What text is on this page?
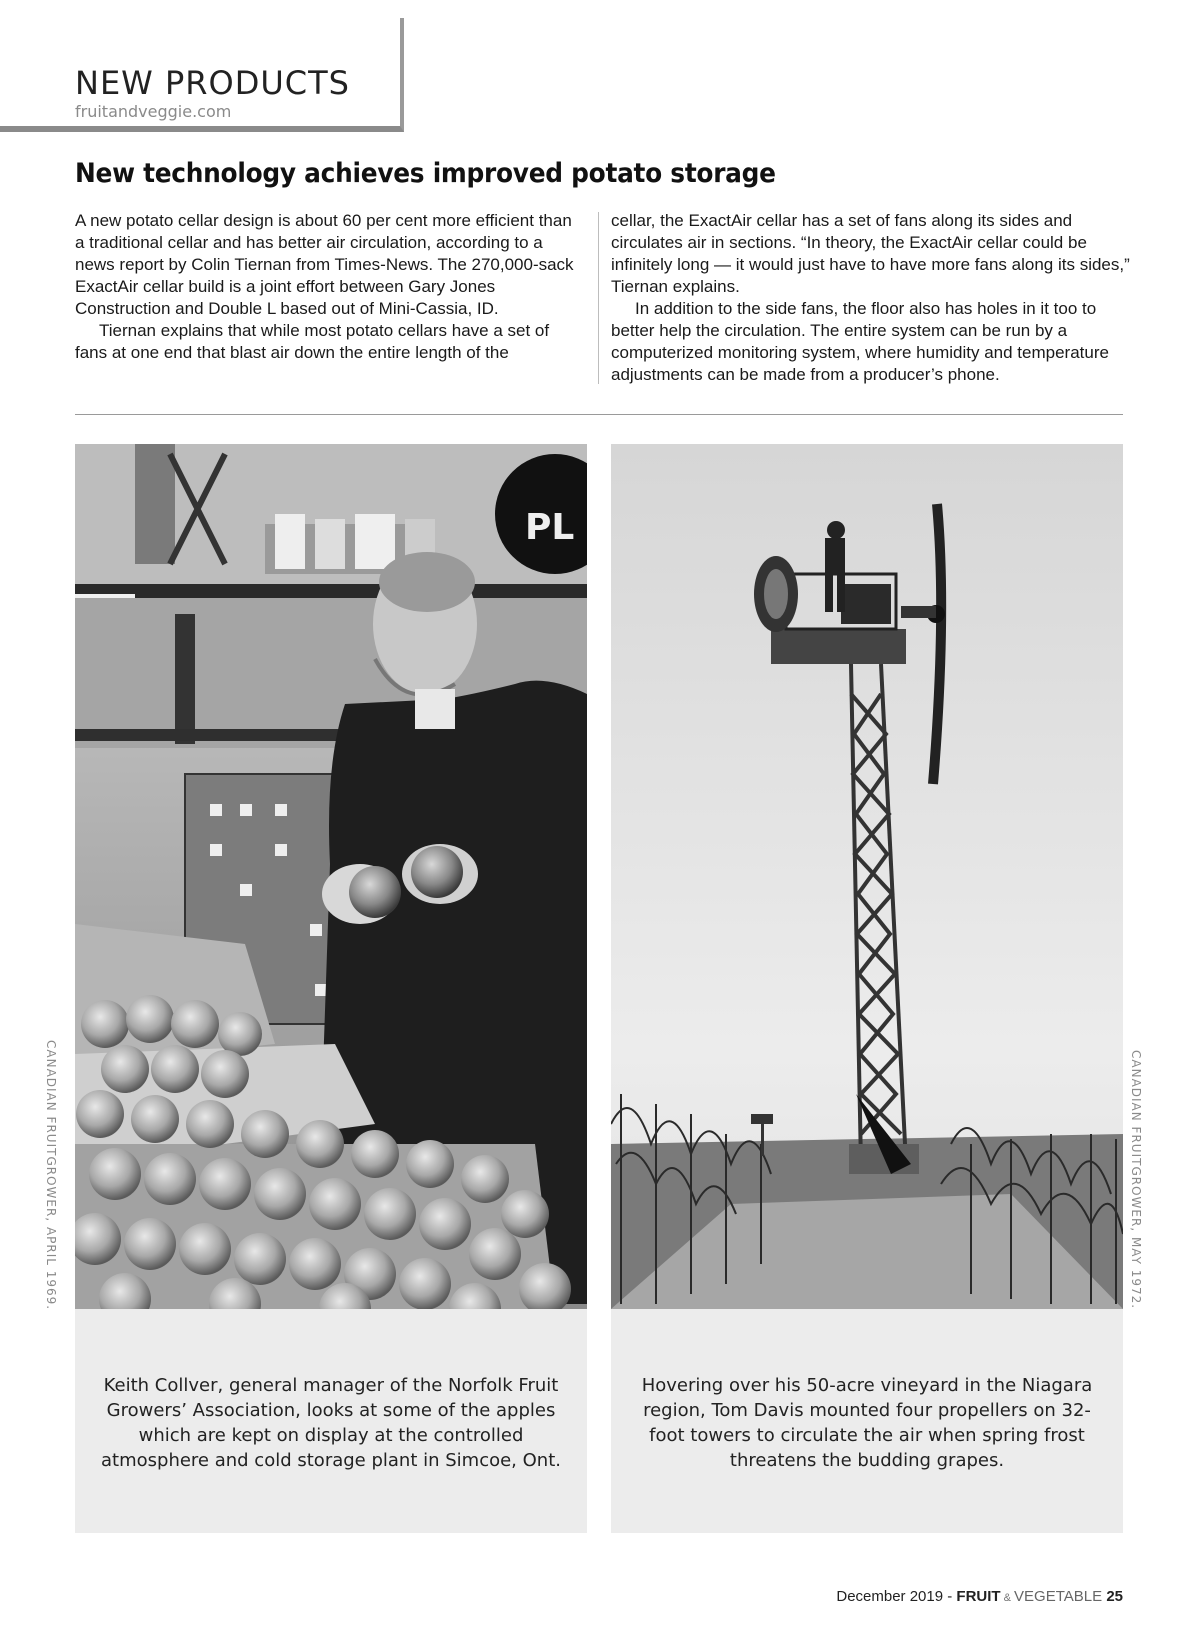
NEW PRODUCTS
fruitandveggie.com
New technology achieves improved potato storage

A new potato cellar design is about 60 per cent more efficient than a traditional cellar and has better air circulation, according to a news report by Colin Tiernan from Times-News. The 270,000-sack ExactAir cellar build is a joint effort between Gary Jones Construction and Double L based out of Mini-Cassia, ID.

Tiernan explains that while most potato cellars have a set of fans at one end that blast air down the entire length of the

cellar, the ExactAir cellar has a set of fans along its sides and circulates air in sections. “In theory, the ExactAir cellar could be infinitely long — it would just have to have more fans along its sides,” Tiernan explains.

In addition to the side fans, the floor also has holes in it too to better help the circulation. The entire system can be run by a computerized monitoring system, where humidity and temperature adjustments can be made from a producer’s phone.

PL
Keith Collver, general manager of the Norfolk Fruit Growers’ Association, looks at some of the apples which are kept on display at the controlled atmosphere and cold storage plant in Simcoe, Ont.
Hovering over his 50-acre vineyard in the Niagara region, Tom Davis mounted four propellers on 32-foot towers to circulate the air when spring frost threatens the budding grapes.
CANADIAN FRUITGROWER, APRIL 1969.	CANADIAN FRUITGROWER, MAY 1972.
December 2019 - FRUIT & VEGETABLE 25
